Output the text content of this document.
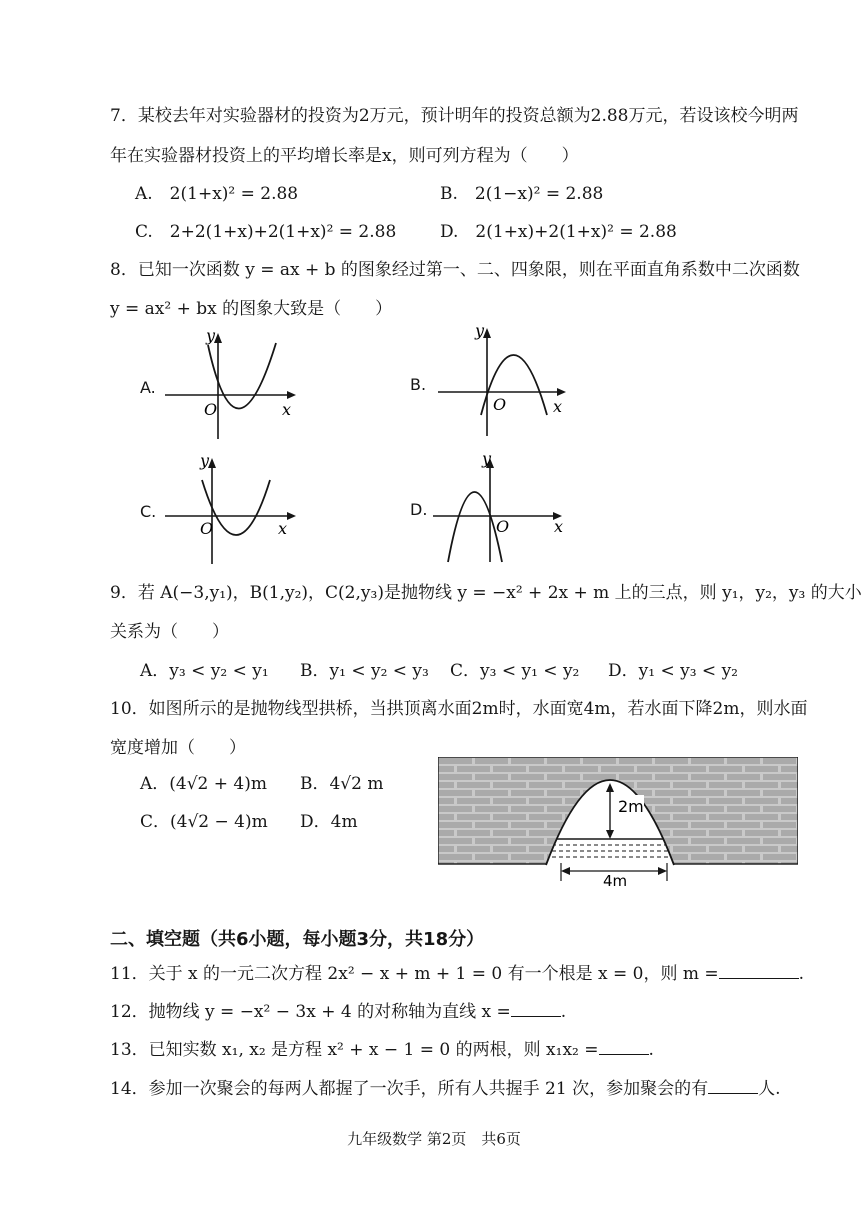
7．某校去年对实验器材的投资为2万元，预计明年的投资总额为2.88万元，若设该校今明两
年在实验器材投资上的平均增长率是x，则可列方程为（　　）
A.　2(1+x)² = 2.88	B.　2(1−x)² = 2.88
C.　2+2(1+x)+2(1+x)² = 2.88	D.　2(1+x)+2(1+x)² = 2.88
8．已知一次函数 y = ax + b 的图象经过第一、二、四象限，则在平面直角系数中二次函数
y = ax² + bx 的图象大致是（　　）
A.
y
O	x
B.
y
O	x
C.
y
O	x
D.
y
O	x
9．若 A(−3,y₁)，B(1,y₂)，C(2,y₃)是抛物线 y = −x² + 2x + m 上的三点，则 y₁，y₂，y₃ 的大小
关系为（　　）
A．y₃ < y₂ < y₁ B．y₁ < y₂ < y₃ C．y₃ < y₁ < y₂ D．y₁ < y₃ < y₂
10．如图所示的是抛物线型拱桥，当拱顶离水面2m时，水面宽4m，若水面下降2m，则水面
宽度增加（　　）
A．(4√2 + 4)m B．4√2 m
C．(4√2 − 4)m D．4m
2m
4m
二、填空题（共6小题，每小题3分，共18分）
11．关于 x 的一元二次方程 2x² − x + m + 1 = 0 有一个根是 x = 0，则 m =	.
12．抛物线 y = −x² − 3x + 4 的对称轴为直线 x =	.
13．已知实数 x₁, x₂ 是方程 x² + x − 1 = 0 的两根，则 x₁x₂ =	.
14．参加一次聚会的每两人都握了一次手，所有人共握手 21 次，参加聚会的有	人.
九年级数学 第2页　共6页
